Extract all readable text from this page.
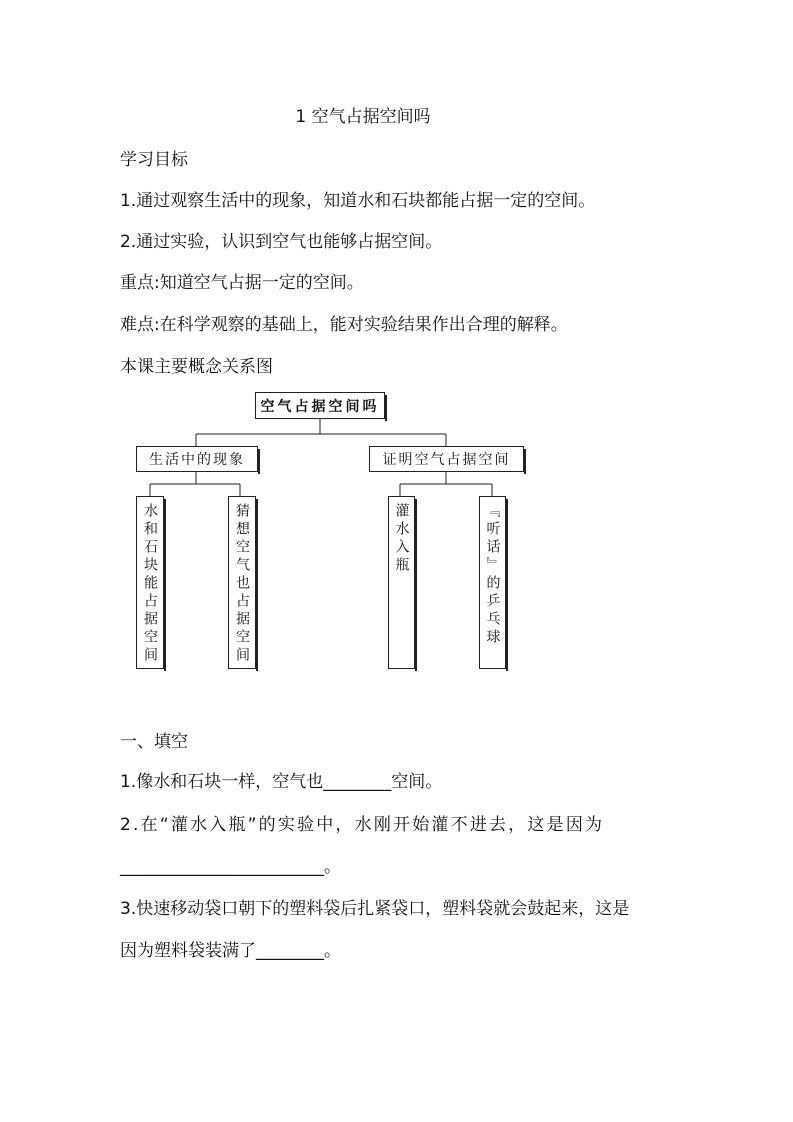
1 空气占据空间吗
学习目标
1.通过观察生活中的现象，知道水和石块都能占据一定的空间。
2.通过实验，认识到空气也能够占据空间。
重点:知道空气占据一定的空间。
难点:在科学观察的基础上，能对实验结果作出合理的解释。
本课主要概念关系图
空气占据空间吗
生活中的现象	证明空气占据空间
水和石块能占据空间	猜想空气也占据空间	灌水入瓶	『听话』的乒乓球
一、填空
1.像水和石块一样，空气也________空间。
2.在“灌水入瓶”的实验中，水刚开始灌不进去，这是因为
________________________。
3.快速移动袋口朝下的塑料袋后扎紧袋口，塑料袋就会鼓起来，这是
因为塑料袋装满了________。
